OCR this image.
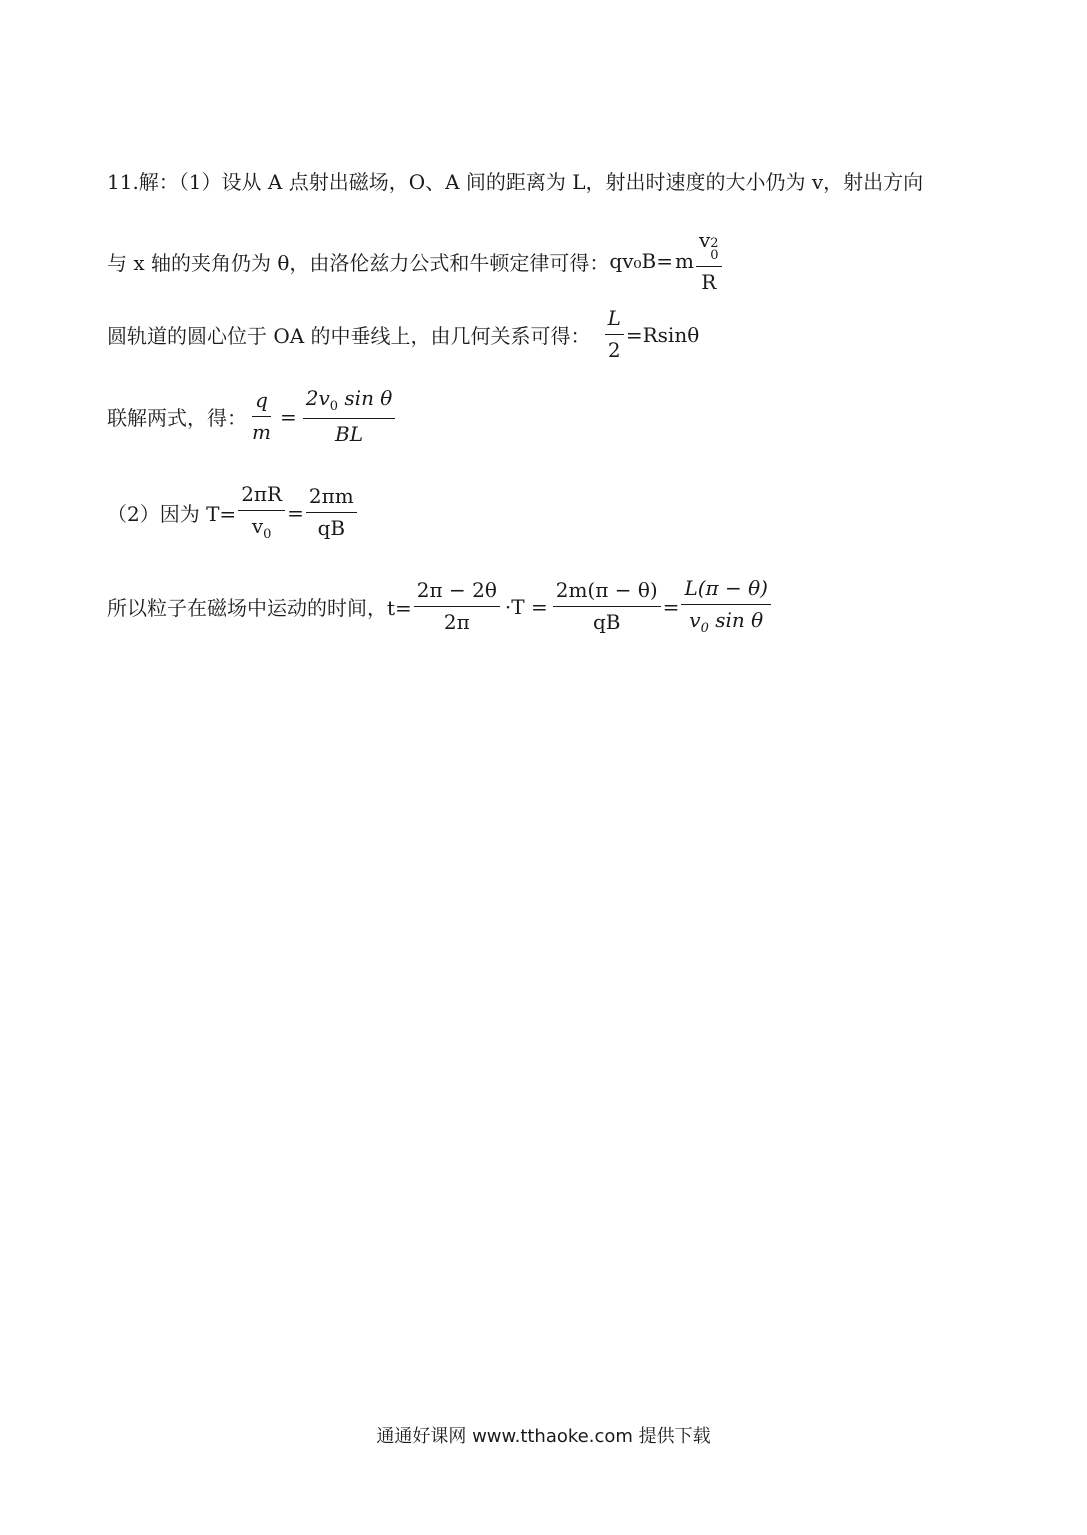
11.解：（1）设从 A 点射出磁场，O、A 间的距离为 L，射出时速度的大小仍为 v，射出方向
与 x 轴的夹角仍为 θ，由洛伦兹力公式和牛顿定律可得： qv₀B= m v 2
0
R
圆轨道的圆心位于 OA 的中垂线上，由几何关系可得： $\frac{L}{2} =Rsin\theta$
联解两式，得： $\frac{q}{m} = \frac{2v_0 \sin \theta}{BL}$
（2）因为 $T= \frac{2\pi R}{v_0} = \frac{2\pi m}{qB}$
所以粒子在磁场中运动的时间，$t= \frac{2\pi - 2\theta}{2\pi} \cdot T = \frac{2m(\pi - \theta)}{qB} = \frac{L(\pi - \theta)}{v_0 \sin \theta}$
通通好课网 www.tthaoke.com 提供下载
